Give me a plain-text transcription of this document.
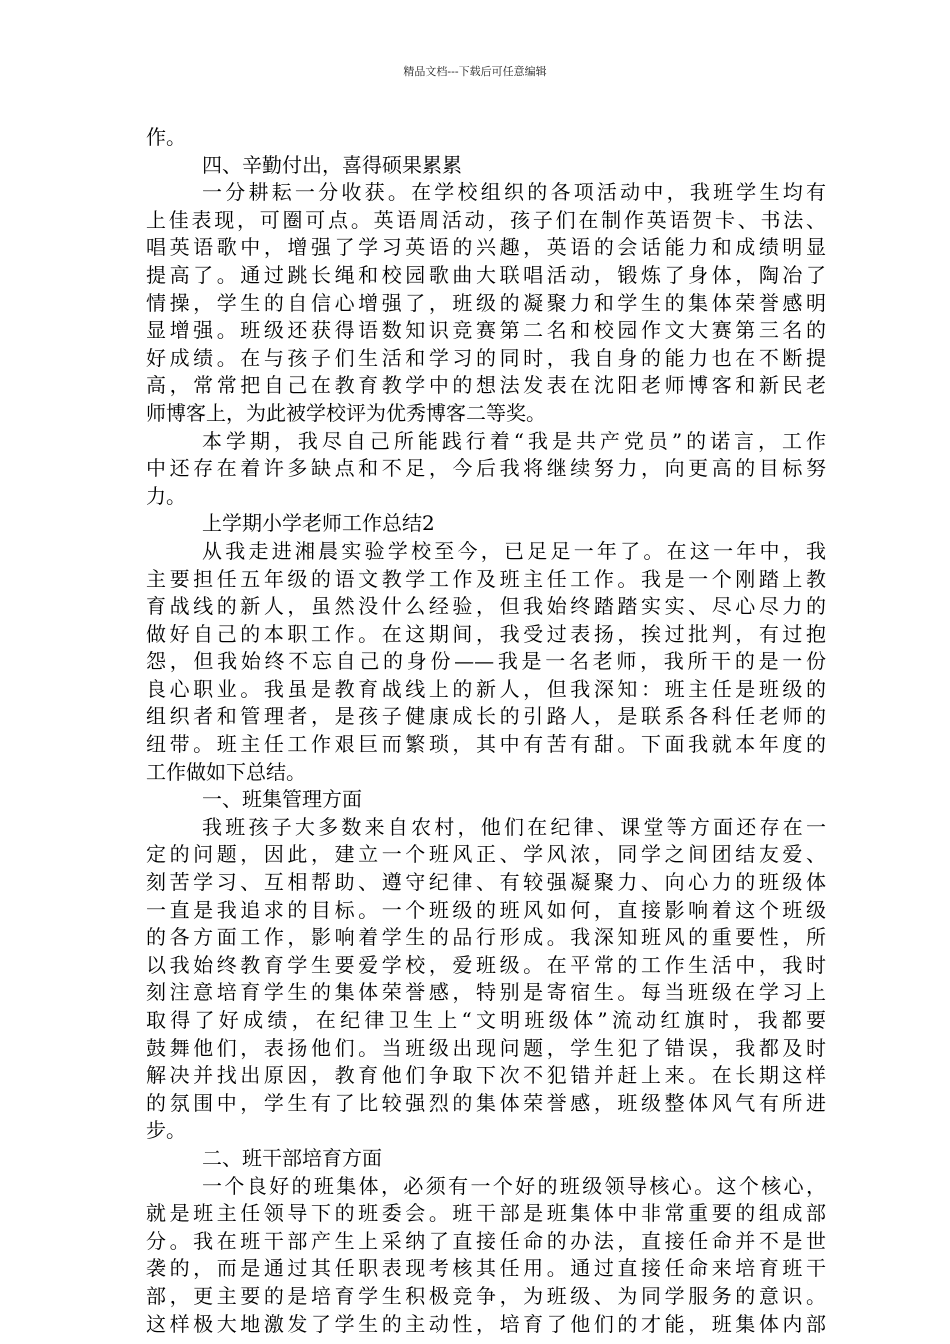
精品文档---下载后可任意编辑
作。
四、辛勤付出，喜得硕果累累
一分耕耘一分收获。在学校组织的各项活动中，我班学生均有
上佳表现，可圈可点。英语周活动，孩子们在制作英语贺卡、书法、
唱英语歌中，增强了学习英语的兴趣，英语的会话能力和成绩明显
提高了。通过跳长绳和校园歌曲大联唱活动，锻炼了身体，陶冶了
情操，学生的自信心增强了，班级的凝聚力和学生的集体荣誉感明
显增强。班级还获得语数知识竞赛第二名和校园作文大赛第三名的
好成绩。在与孩子们生活和学习的同时，我自身的能力也在不断提
高，常常把自己在教育教学中的想法发表在沈阳老师博客和新民老
师博客上，为此被学校评为优秀博客二等奖。
本学期，我尽自己所能践行着“我是共产党员”的诺言，工作
中还存在着许多缺点和不足，今后我将继续努力，向更高的目标努
力。
上学期小学老师工作总结2
从我走进湘晨实验学校至今，已足足一年了。在这一年中，我
主要担任五年级的语文教学工作及班主任工作。我是一个刚踏上教
育战线的新人，虽然没什么经验，但我始终踏踏实实、尽心尽力的
做好自己的本职工作。在这期间，我受过表扬，挨过批判，有过抱
怨，但我始终不忘自己的身份——我是一名老师，我所干的是一份
良心职业。我虽是教育战线上的新人，但我深知：班主任是班级的
组织者和管理者，是孩子健康成长的引路人，是联系各科任老师的
纽带。班主任工作艰巨而繁琐，其中有苦有甜。下面我就本年度的
工作做如下总结。
一、班集管理方面
我班孩子大多数来自农村，他们在纪律、课堂等方面还存在一
定的问题，因此，建立一个班风正、学风浓，同学之间团结友爱、
刻苦学习、互相帮助、遵守纪律、有较强凝聚力、向心力的班级体
一直是我追求的目标。一个班级的班风如何，直接影响着这个班级
的各方面工作，影响着学生的品行形成。我深知班风的重要性，所
以我始终教育学生要爱学校，爱班级。在平常的工作生活中，我时
刻注意培育学生的集体荣誉感，特别是寄宿生。每当班级在学习上
取得了好成绩，在纪律卫生上“文明班级体”流动红旗时，我都要
鼓舞他们，表扬他们。当班级出现问题，学生犯了错误，我都及时
解决并找出原因，教育他们争取下次不犯错并赶上来。在长期这样
的氛围中，学生有了比较强烈的集体荣誉感，班级整体风气有所进
步。
二、班干部培育方面
一个良好的班集体，必须有一个好的班级领导核心。这个核心，
就是班主任领导下的班委会。班干部是班集体中非常重要的组成部
分。我在班干部产生上采纳了直接任命的办法，直接任命并不是世
袭的，而是通过其任职表现考核其任用。通过直接任命来培育班干
部，更主要的是培育学生积极竞争，为班级、为同学服务的意识。
这样极大地激发了学生的主动性，培育了他们的才能，班集体内部
